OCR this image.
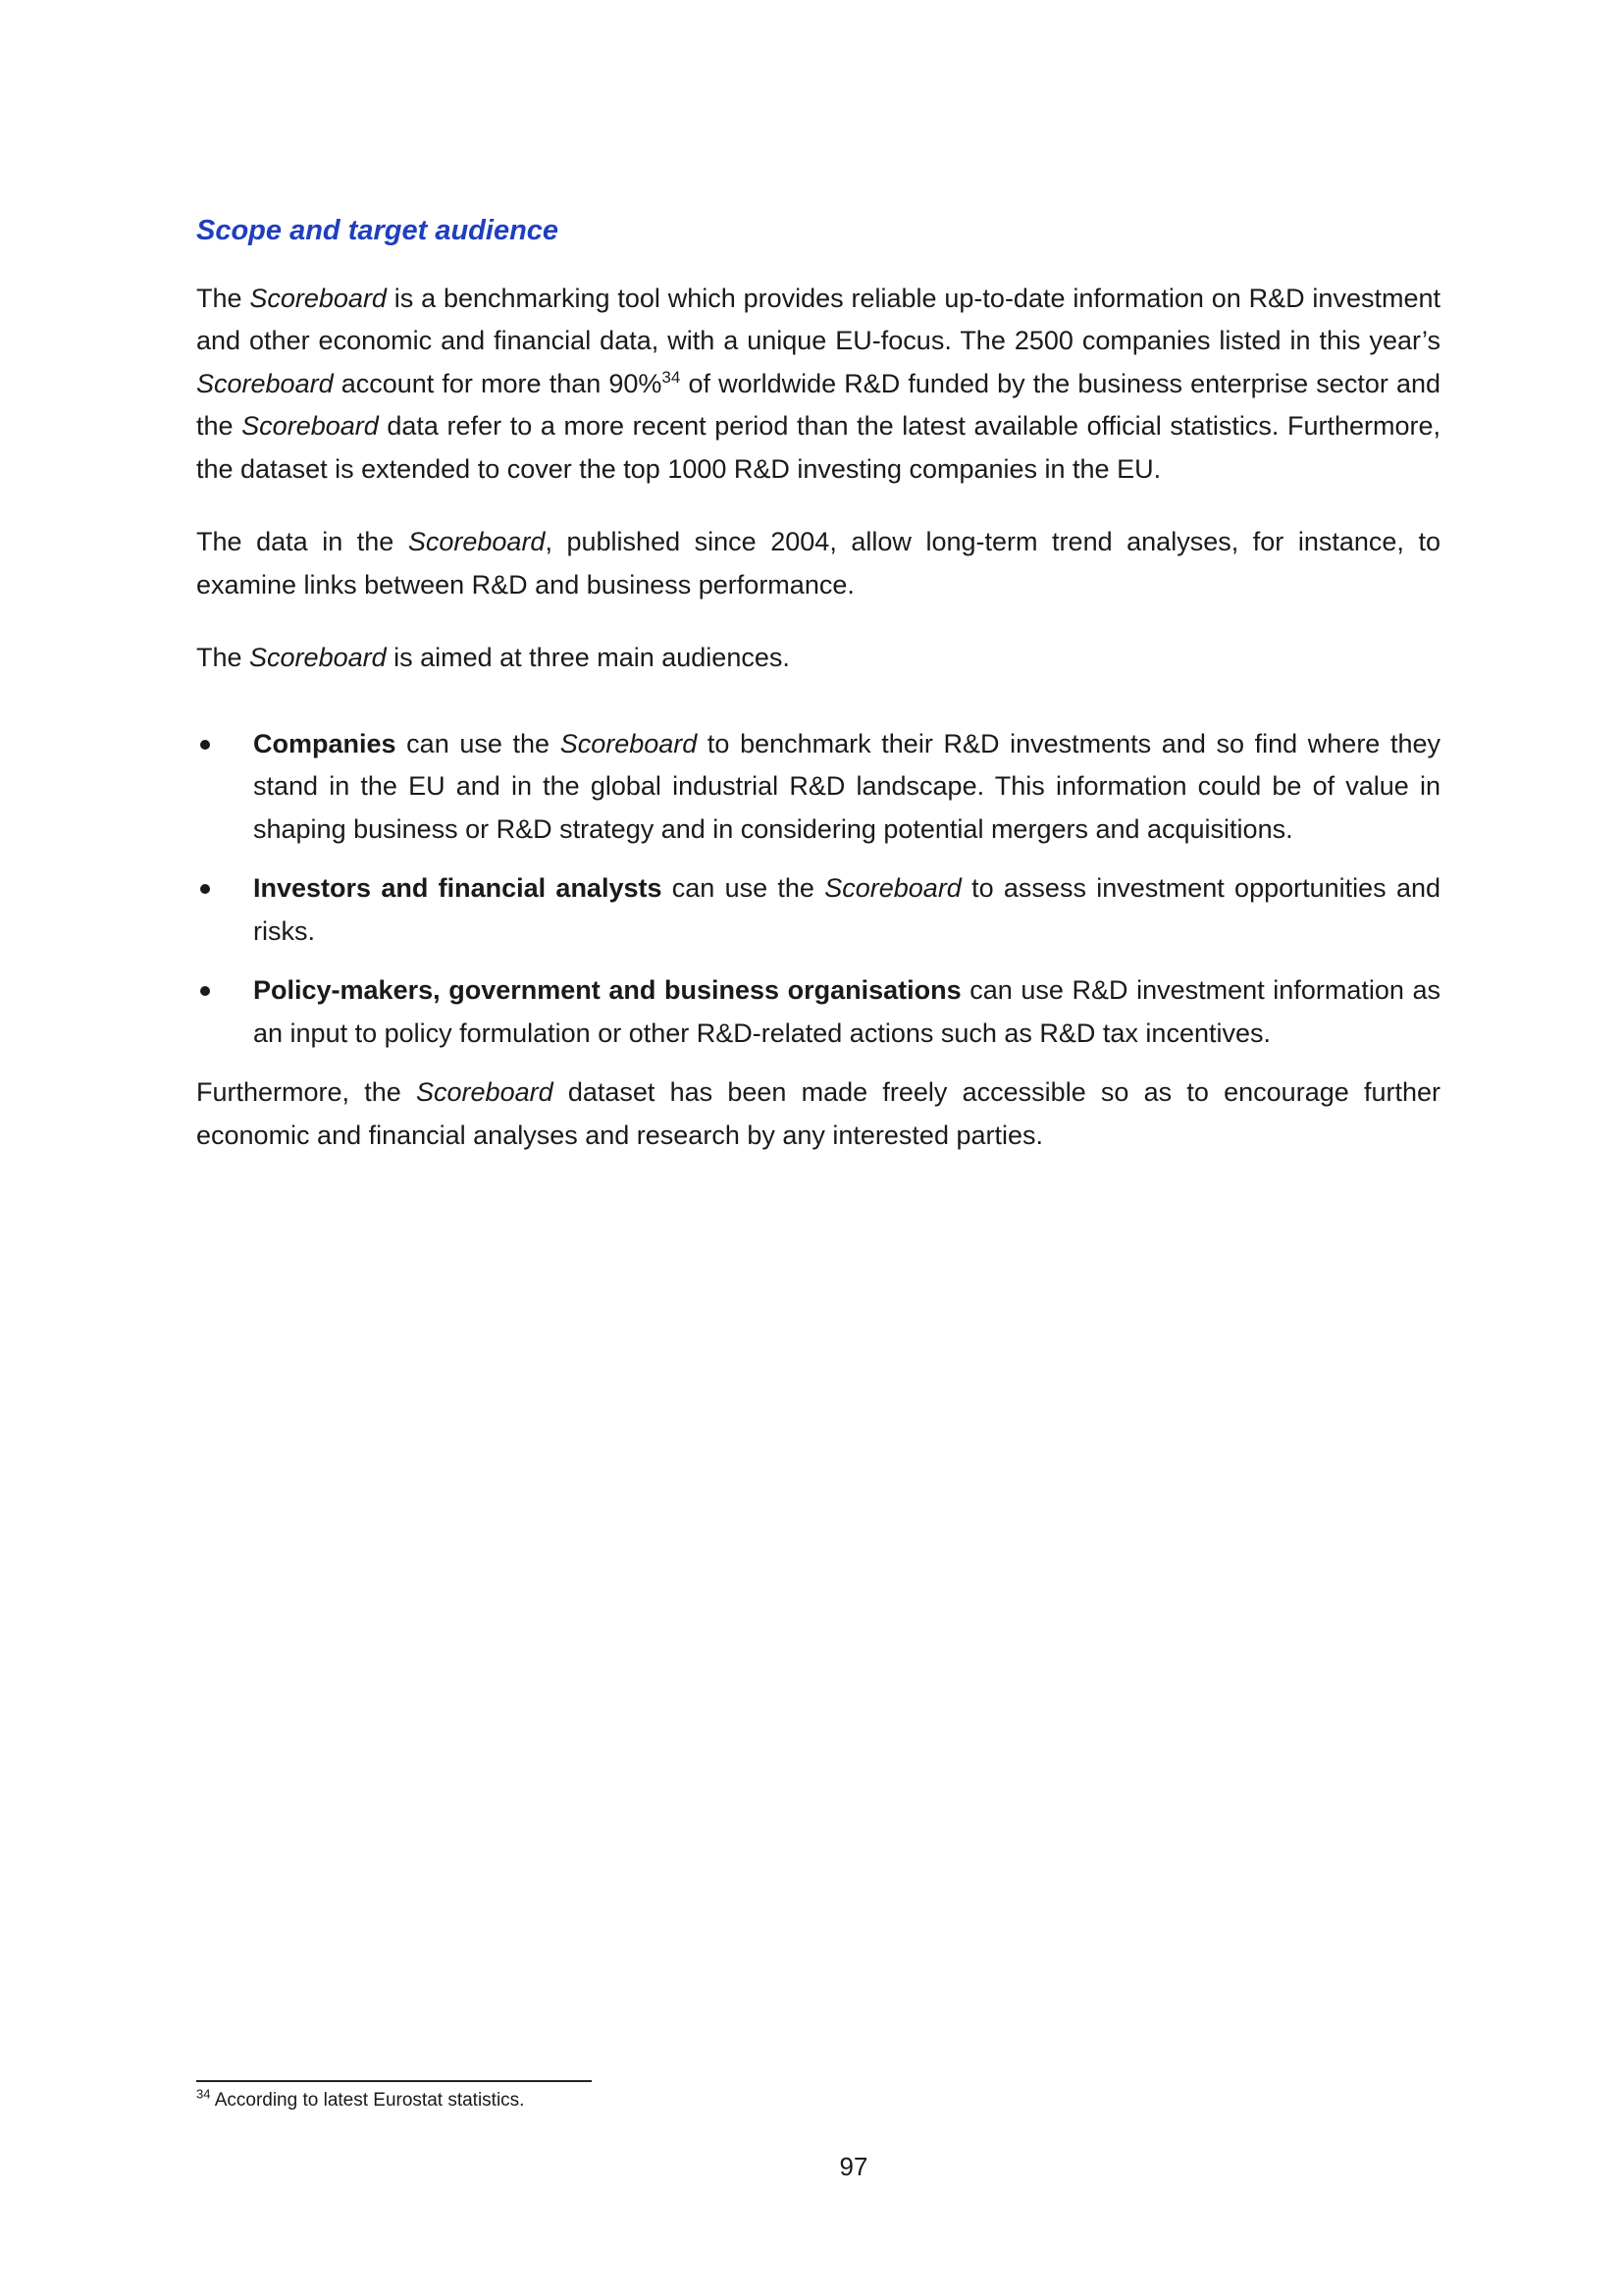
Scope and target audience

The Scoreboard is a benchmarking tool which provides reliable up-to-date information on R&D investment and other economic and financial data, with a unique EU-focus. The 2500 companies listed in this year’s Scoreboard account for more than 90%$^{34}$ of worldwide R&D funded by the business enterprise sector and the Scoreboard data refer to a more recent period than the latest available official statistics. Furthermore, the dataset is extended to cover the top 1000 R&D investing companies in the EU.

The data in the Scoreboard, published since 2004, allow long-term trend analyses, for instance, to examine links between R&D and business performance.

The Scoreboard is aimed at three main audiences.

Companies can use the Scoreboard to benchmark their R&D investments and so find where they stand in the EU and in the global industrial R&D landscape. This information could be of value in shaping business or R&D strategy and in considering potential mergers and acquisitions.
Investors and financial analysts can use the Scoreboard to assess investment opportunities and risks.
Policy-makers, government and business organisations can use R&D investment information as an input to policy formulation or other R&D-related actions such as R&D tax incentives.

Furthermore, the Scoreboard dataset has been made freely accessible so as to encourage further economic and financial analyses and research by any interested parties.

$^{34}$ According to latest Eurostat statistics.
97
